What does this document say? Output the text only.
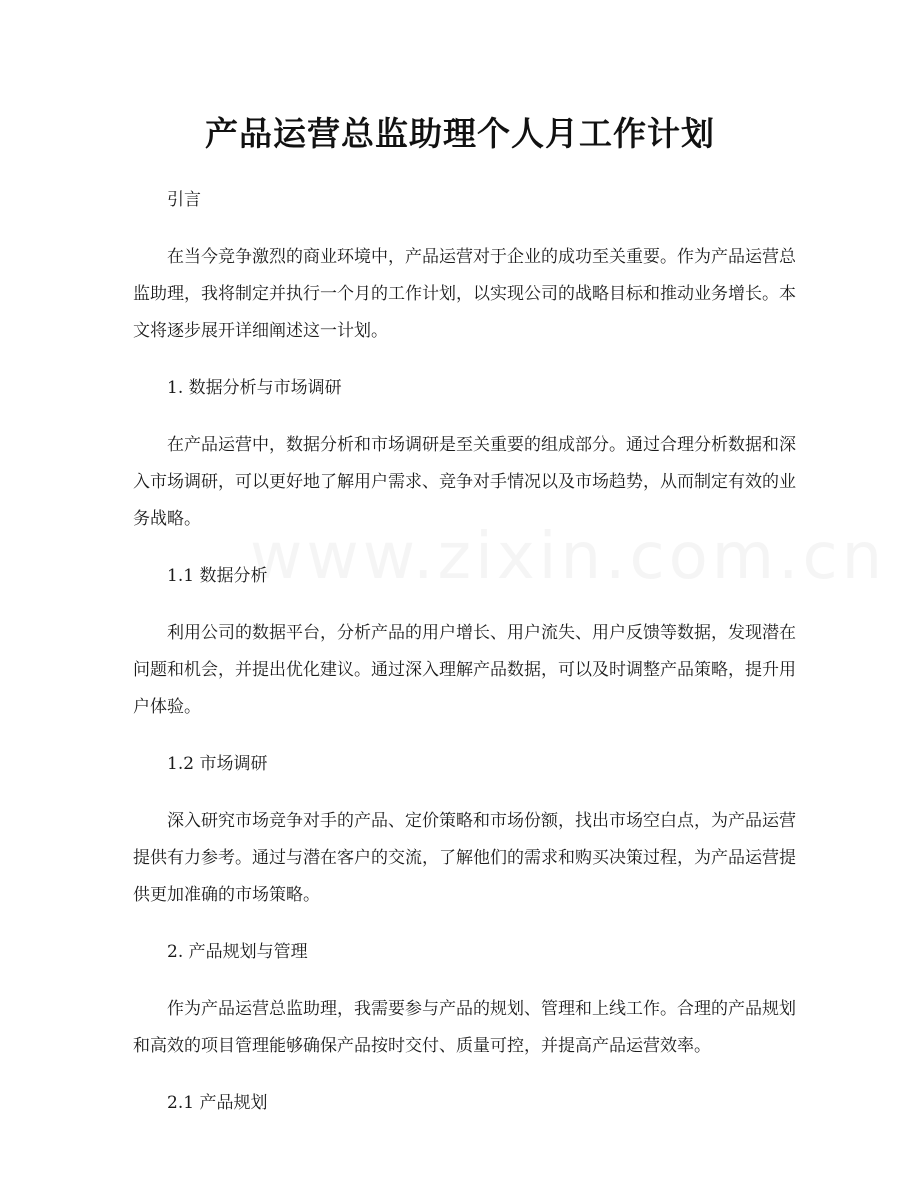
www.zixin.com.cn
产品运营总监助理个人月工作计划

引言

在当今竞争激烈的商业环境中，产品运营对于企业的成功至关重要。作为产品运营总监助理，我将制定并执行一个月的工作计划，以实现公司的战略目标和推动业务增长。本文将逐步展开详细阐述这一计划。

1. 数据分析与市场调研

在产品运营中，数据分析和市场调研是至关重要的组成部分。通过合理分析数据和深入市场调研，可以更好地了解用户需求、竞争对手情况以及市场趋势，从而制定有效的业务战略。

1.1 数据分析

利用公司的数据平台，分析产品的用户增长、用户流失、用户反馈等数据，发现潜在问题和机会，并提出优化建议。通过深入理解产品数据，可以及时调整产品策略，提升用户体验。

1.2 市场调研

深入研究市场竞争对手的产品、定价策略和市场份额，找出市场空白点，为产品运营提供有力参考。通过与潜在客户的交流，了解他们的需求和购买决策过程，为产品运营提供更加准确的市场策略。

2. 产品规划与管理

作为产品运营总监助理，我需要参与产品的规划、管理和上线工作。合理的产品规划和高效的项目管理能够确保产品按时交付、质量可控，并提高产品运营效率。

2.1 产品规划
